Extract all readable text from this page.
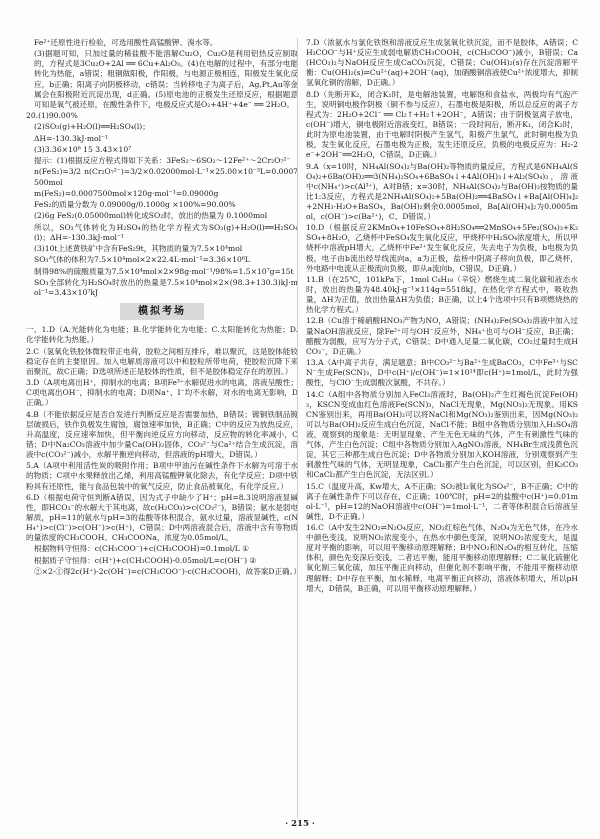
Fe²⁺还原性进行检验，可选用酸性高锰酸钾、溴水等。

(3)据题可知，只加过量的稀盐酸不能溶解Cu₂O，Cu₂O是利用铝热反应制取的，方程式是3Cu₂O+2Al ══ 6Cu+Al₂O₃。(4)在电解的过程中，有部分电能转化为热能，a错误；粗铜做阳极，作阳极，与电源正极相连，阳极发生氧化反应，b正确；阳离子向阴极移动，c错误；当转移电子为离子后，Ag,Pt,Au等金属会在阳极附近沉淀出现，d正确。(5)原电池的正极发生还原反应，根据题意可知是氧气被还原，在酸性条件下，电极反应式是O₂+4H⁺+4e⁻ ══ 2H₂O。

20.(1)90.00%

(2)SO₃(g)+H₂O(l)══H₂SO₄(l)；

ΔH=-130.3kJ·mol⁻¹

(3)3.36×10⁶ 15 3.43×10⁷

提示：(1)根据反应方程式得如下关系：3FeS₂～6SO₂～12Fe²⁺～2Cr₂O₇²⁻

n(FeS₂)=3/2 n(Cr₂O₇²⁻)=3/2×0.02000mol·L⁻¹×25.00×10⁻³L=0.0007500mol

m(FeS₂)=0.0007500mol×120g·mol⁻¹=0.09000g

FeS₂的质量分数为 0.09000g/0.1000g ×100%=90.00%

(2)6g FeS₂(0.05000mol)转化成SO₂时，放出的热量为 0.1000mol

所以，SO₃气体转化为H₂SO₄的热化学方程式为SO₃(g)+H₂O(l)══H₂SO₄(l)；ΔH=-130.3kJ·mol⁻¹

(3)10t上述黄铁矿中含有FeS₂9t，其物质的量为7.5×10⁴mol

SO₃气体的体积为7.5×10⁴mol×2×22.4L·mol⁻¹=3.36×10⁶L

制得98%的硫酸质量为7.5×10⁴mol×2×98g·mol⁻¹/98%=1.5×10⁷g=15t

SO₃全部转化为H₂SO₄时放出的热量是7.5×10⁴mol×2×(98.3+130.3)kJ·mol⁻¹=3.43×10⁷kJ

模拟考场

一、1.D（A.光能转化为电能；B.化学能转化为电能；C.太阳能转化为热能；D.化学能转化为热能。）

2.C（氢氧化铁胶体微粒带正电荷，胶粒之间相互排斥，难以聚沉，这是胶体能较稳定存在的主要原因。加入电解质溶液可以中和胶粒所带电荷，使胶粒沉降下来而聚沉，故C正确；D选项所述正是胶体的性质，但不是胶体稳定存在的原因。）

3.D（A项电离出H⁺，抑制水的电离；B项Fe³⁺水解促进水的电离，溶液呈酸性；C项电离出OH⁻，抑制水的电离；D项Na⁺、I⁻均不水解，对水的电离无影响，D正确。）

4.B（不能依据反应是否自发进行判断反应是否需要加热，B错误；镀铜铁制品镀层破损后，铁作负极发生腐蚀，腐蚀速率加快，B正确；C中的反应为放热反应，升高温度，反应速率加快，但平衡向逆反应方向移动，反应物的转化率减小，C错；D中Na₂CO₃溶液中加少量Ca(OH)₂固体，CO₃²⁻与Ca²⁺结合生成沉淀，溶液中c(CO₃²⁻)减小，水解平衡逆向移动，但溶液的pH增大，D错误。）

5.A（A项中利用活性炭的吸附作用；B项中甲油污在碱性条件下水解为可溶于水的物质；C项中水果释放出乙烯，利用高锰酸钾氧化除去，有化学反应；D项中铁粉具有还原性，能与食品包装中的氧气反应，防止食品被氧化，有化学反应。）

6.D（根据电荷守恒判断A错误，因为式子中缺少了H⁺；pH=8.3说明溶液显碱性，即HCO₃⁻的水解大于其电离，故c(H₂CO₃)>c(CO₃²⁻)，B错误；氨水是弱电解质，pH=11的氨水与pH=3的盐酸等体积混合，氨水过量，溶液显碱性，c(NH₄⁺)>c(Cl⁻)>c(OH⁻)>c(H⁺)，C错误；D中两溶液混合后，溶液中含有等物质的量浓度的CH₃COOH、CH₃COONa，浓度为0.05mol/L，

根据物料守恒得：c(CH₃COO⁻)+c(CH₃COOH)=0.1mol/L ①

根据质子守恒得：c(H⁺)+c(CH₃COOH)-0.05mol/L=c(OH⁻) ②

②×2-①得2c(H⁺)-2c(OH⁻)=c(CH₃COO⁻)-c(CH₃COOH)，故答案D正确。）

7.D（浓氨水与氯化铁饱和溶液反应生成氢氧化铁沉淀，而不是胶体，A错误；CH₃COO⁻与H⁺反应生成弱电解质CH₃COOH，c(CH₃COO⁻)减小，B错误；Ca(HCO₃)₂与NaOH反应生成CaCO₃沉淀，C错误；Cu(OH)₂(s)存在沉淀溶解平衡：Cu(OH)₂(s)⇌Cu²⁺(aq)+2OH⁻(aq)，加硝酸铜溶液使Cu²⁺浓度增大，抑制氢氧化铜的溶解，D正确。）

8.D（先断开K₂，闭合K₁时，是电解池装置，电解饱和食盐水，两极均有气泡产生，说明铜电极作阴极（铜不参与反应），石墨电极是阳极，所以总反应的离子方程式为：2H₂O+2Cl⁻ ══ Cl₂↑+H₂↑+2OH⁻，A错误；由于阴极氢离子放电，c(OH⁻)增大，铜电极附近溶液变红，B错误；一段时间后，断开K₁，闭合K₂时，此时为原电池装置，由于电解时阴极产生氢气，阳极产生氯气，此时铜电极为负极，发生氧化反应，石墨电极为正极，发生还原反应，负极的电极反应为：H₂-2e⁻+2OH⁻══2H₂O，C错误，D正确。）

9.A（x=10时，NH₄Al(SO₄)₂与Ba(OH)₂等物质的量反应，方程式是6NH₄Al(SO₄)₂+6Ba(OH)₂══3(NH₄)₂SO₄+6BaSO₄↓+4Al(OH)₃↓+Al₂(SO₄)₃，溶液中c(NH₄⁺)>c(Al³⁺)，A对B错；x=30时，NH₄Al(SO₄)₂与Ba(OH)₂按物质的量比1:3反应，方程式是2NH₄Al(SO₄)₂+5Ba(OH)₂══4BaSO₄↓+Ba[Al(OH)₄]₂+2NH₃·H₂O+BaSO₄，Ba(OH)₂剩余0.0005mol，Ba[Al(OH)₄]₂为0.0005mol，c(OH⁻)>c(Ba²⁺)，C、D错误。）

10.D（根据反应2KMnO₄+10FeSO₄+8H₂SO₄══2MnSO₄+5Fe₂(SO₄)₃+K₂SO₄+8H₂O，乙烧杯中FeSO₄发生氧化反应，甲烧杯中H₂SO₄浓度增大，所以甲烧杯中溶液pH增大，乙烧杯中Fe²⁺发生氧化反应，失去电子为负极，b电极为负极，电子由b流出经导线流向a，a为正极，盐桥中阴离子移向负极，即乙烧杯，外电路中电流从正极流向负极，即从a流向b，C错误，D正确。）

11.B（在25℃，101kPa下，1mol C₈H₁₈（辛烷）燃烧生成二氧化碳和液态水时，放出的热量为48.40kJ·g⁻¹×114g=5518kJ，在热化学方程式中，吸收热量，ΔH为正值，放出热量ΔH为负值；B正确，以上4个选项中只有B项燃烧热的热化学方程式。）

12.B（Cu溶于稀硝酸HNO₃产物为NO，A错误；(NH₄)₂Fe(SO₄)₂溶液中加入过量NaOH溶液反应，除Fe²⁺可与OH⁻反应外，NH₄⁺也可与OH⁻反应，B正确；醋酸为弱酸，应写为分子式，C错误；D中通入足量二氧化碳，CO₂过量时生成HCO₃⁻，D正确。）

13.A（A中离子共存，满足题意；B中CO₃²⁻与Ba²⁺生成BaCO₃，C中Fe³⁺与SCN⁻生成Fe(SCN)₃，D中c(H⁺)/c(OH⁻)=1×10¹⁴即c(H⁺)=1mol/L，此时为强酸性，与ClO⁻生成弱酸次氯酸，不共存。）

14.C（A组中各物质分别加入FeCl₃溶液时，Ba(OH)₂产生红褐色沉淀Fe(OH)₃，KSCN变成血红色溶液Fe(SCN)₃，NaCl无现象，Mg(NO₃)₂无现象。用KSCN鉴别出来，再用Ba(OH)₂可以将NaCl和Mg(NO₃)₂鉴别出来，因Mg(NO₃)₂可以与Ba(OH)₂反应生成白色沉淀，NaCl不能；B组中各物质分别加入H₂SO₄溶液，观察到的现象是：无明显现象、产生无色无味的气体，产生有刺激性气味的气体，产生白色沉淀；C组中各物质分别加入AgNO₃溶液，NH₄Br生成浅黄色沉淀，其它三种都生成白色沉淀；D中各物质分别加入KOH溶液，分别观察到产生刺激性气味的气体，无明显现象，CaCl₂都产生白色沉淀，可以区别，但K₂CO₃和CaCl₂都产生白色沉淀，无法区别。）

15.C（温度升高，Kw增大，A不正确；SO₂被I₂氧化为SO₄²⁻，B不正确；C中的离子在碱性条件下可以存在，C正确；100℃时，pH=2的盐酸中c(H⁺)=0.01mol·L⁻¹，pH=12的NaOH溶液中c(OH⁻)=1mol·L⁻¹，二者等体积混合后溶液呈碱性，D不正确。）

16.C（A中发生2NO₂⇌N₂O₄反应，NO₂红棕色气体，N₂O₄为无色气体，在冷水中颜色变浅，说明NO₂浓度变小，在热水中颜色变深，说明NO₂浓度变大，是温度对平衡的影响，可以用平衡移动原理解释；B中NO₂和N₂O₄的相互转化，压缩体积，颜色先变深后变浅，二者达平衡，能用平衡移动原理解释；C二氧化硫催化氧化制三氧化硫，加压平衡正向移动，但催化剂不影响平衡，不能用平衡移动原理解释；D中存在平衡，加水稀释，电离平衡正向移动，溶液体积增大，所以pH增大，D错误，B正确，可以用平衡移动原理解释。）

· 215 ·
